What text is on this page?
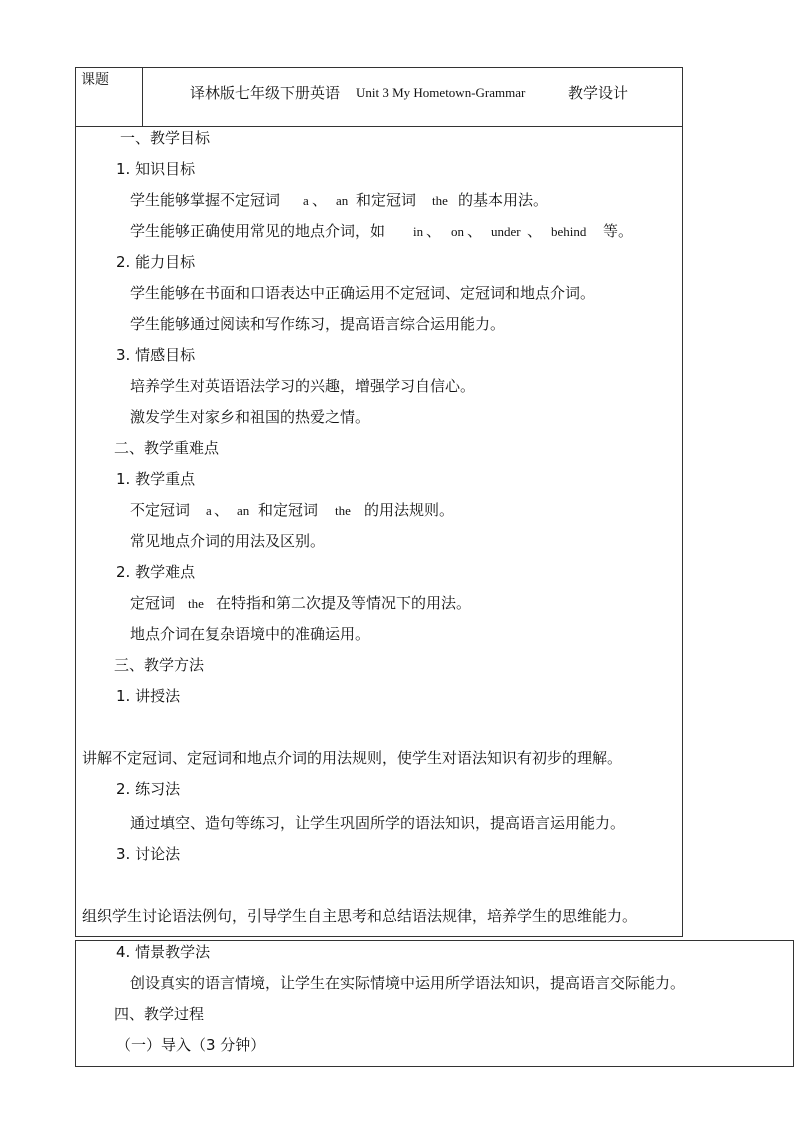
课题
译林版七年级下册英语 Unit 3 My Hometown-Grammar	教学设计
一、教学目标
1. 知识目标
学生能够掌握不定冠词 a 、 an 和定冠词 the 的基本用法。
学生能够正确使用常见的地点介词，如 in 、 on 、 under 、 behind 等。
2. 能力目标
学生能够在书面和口语表达中正确运用不定冠词、定冠词和地点介词。
学生能够通过阅读和写作练习，提高语言综合运用能力。
3. 情感目标
培养学生对英语语法学习的兴趣，增强学习自信心。
激发学生对家乡和祖国的热爱之情。
二、教学重难点
1. 教学重点
不定冠词 a 、 an 和定冠词 the 的用法规则。
常见地点介词的用法及区别。
2. 教学难点
定冠词 the 在特指和第二次提及等情况下的用法。
地点介词在复杂语境中的准确运用。
三、教学方法
1. 讲授法
讲解不定冠词、定冠词和地点介词的用法规则，使学生对语法知识有初步的理解。
2. 练习法
通过填空、造句等练习，让学生巩固所学的语法知识，提高语言运用能力。
3. 讨论法
组织学生讨论语法例句，引导学生自主思考和总结语法规律，培养学生的思维能力。
4. 情景教学法
创设真实的语言情境，让学生在实际情境中运用所学语法知识，提高语言交际能力。
四、教学过程
（一）导入（3 分钟）
